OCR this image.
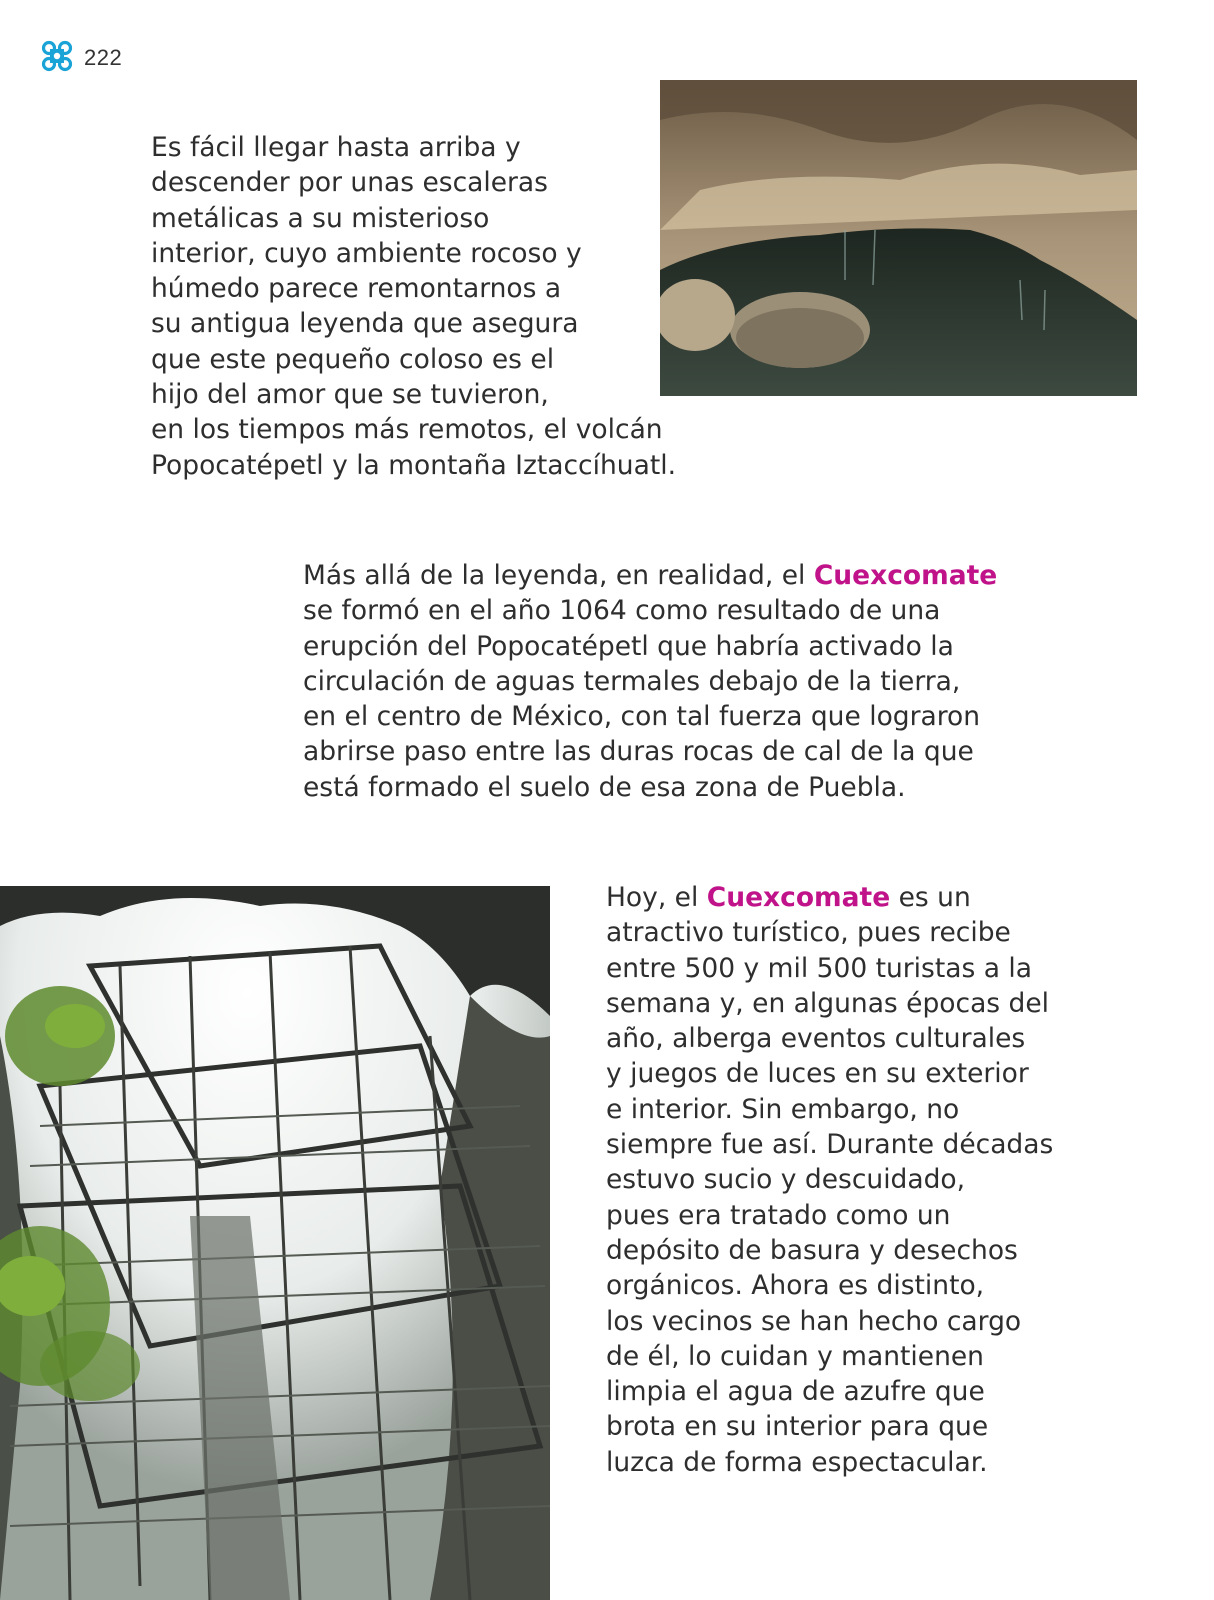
222
Es fácil llegar hasta arriba y
descender por unas escaleras
metálicas a su misterioso
interior, cuyo ambiente rocoso y
húmedo parece remontarnos a
su antigua leyenda que asegura
que este pequeño coloso es el
hijo del amor que se tuvieron,
en los tiempos más remotos, el volcán
Popocatépetl y la montaña Iztaccíhuatl.
Más allá de la leyenda, en realidad, el Cuexcomate
se formó en el año 1064 como resultado de una
erupción del Popocatépetl que habría activado la
circulación de aguas termales debajo de la tierra,
en el centro de México, con tal fuerza que lograron
abrirse paso entre las duras rocas de cal de la que
está formado el suelo de esa zona de Puebla.
Hoy, el Cuexcomate es un
atractivo turístico, pues recibe
entre 500 y mil 500 turistas a la
semana y, en algunas épocas del
año, alberga eventos culturales
y juegos de luces en su exterior
e interior. Sin embargo, no
siempre fue así. Durante décadas
estuvo sucio y descuidado,
pues era tratado como un
depósito de basura y desechos
orgánicos. Ahora es distinto,
los vecinos se han hecho cargo
de él, lo cuidan y mantienen
limpia el agua de azufre que
brota en su interior para que
luzca de forma espectacular.
